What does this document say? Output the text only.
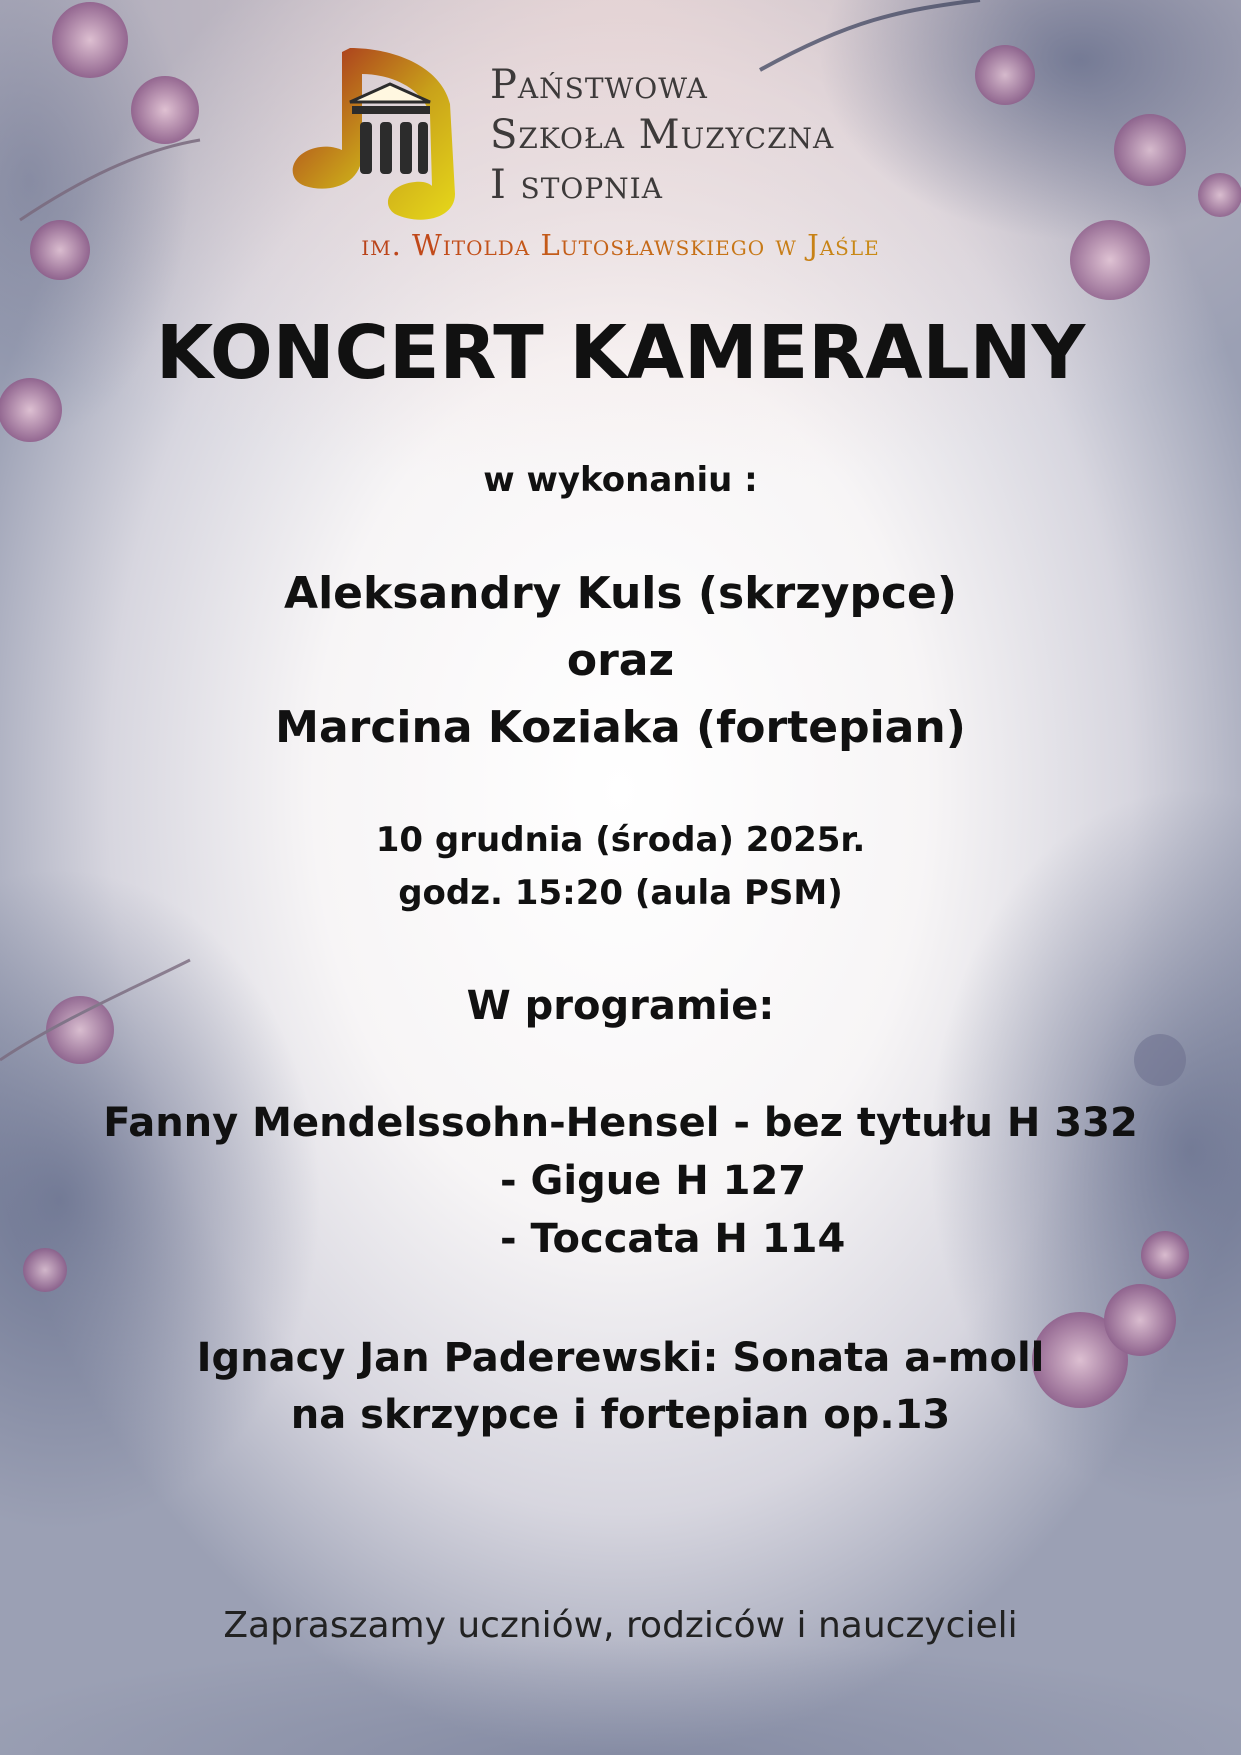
Państwowa
Szkoła Muzyczna
I stopnia
im. Witolda Lutosławskiego w Jaśle
KONCERT KAMERALNY
w wykonaniu :
Aleksandry Kuls (skrzypce)
oraz
Marcina Koziaka (fortepian)
10 grudnia (środa) 2025r.
godz. 15:20 (aula PSM)
W programie:
Fanny Mendelssohn-Hensel - bez tytułu H 332
- Gigue H 127
- Toccata H 114
Ignacy Jan Paderewski: Sonata a-moll
na skrzypce i fortepian op.13
Zapraszamy uczniów, rodziców i nauczycieli
